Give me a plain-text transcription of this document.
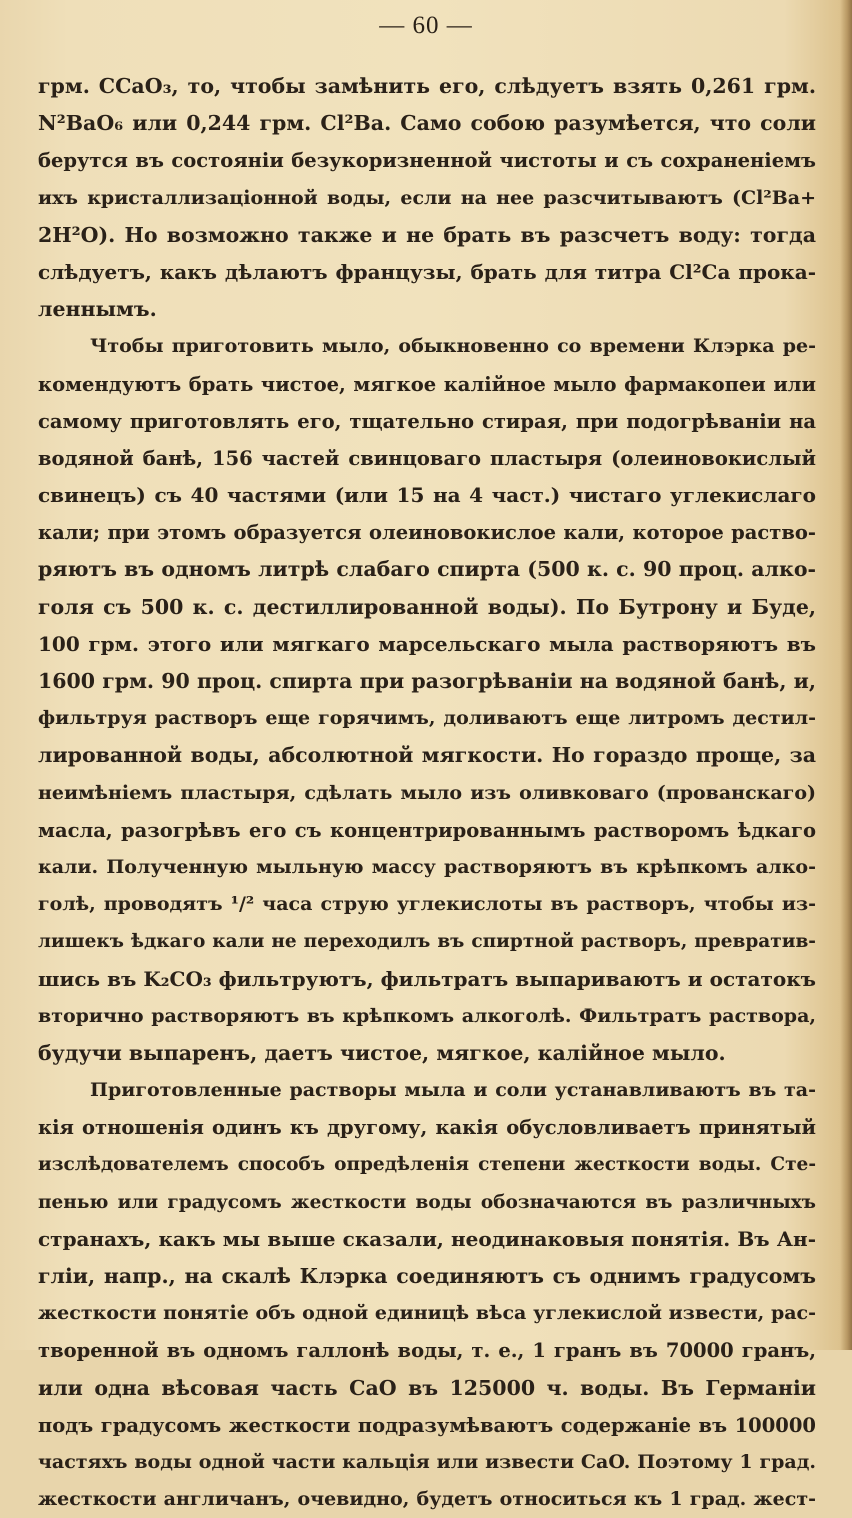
— 60 —
грм. CCaO₃, то, чтобы замѣнить его, слѣдуетъ взять 0,261 грм.
N²BaO₆ или 0,244 грм. Cl²Ba. Само собою разумѣется, что соли
берутся въ состояніи безукоризненной чистоты и съ сохраненіемъ
ихъ кристаллизаціонной воды, если на нее разсчитываютъ (Cl²Ba+
2H²O). Но возможно также и не брать въ разсчетъ воду: тогда
слѣдуетъ, какъ дѣлаютъ французы, брать для титра Cl²Ca прока-
леннымъ.
Чтобы приготовить мыло, обыкновенно со времени Клэрка ре-
комендуютъ брать чистое, мягкое калійное мыло фармакопеи или
самому приготовлять его, тщательно стирая, при подогрѣваніи на
водяной банѣ, 156 частей свинцоваго пластыря (олеиновокислый
свинецъ) съ 40 частями (или 15 на 4 част.) чистаго углекислаго
кали; при этомъ образуется олеиновокислое кали, которое раство-
ряютъ въ одномъ литрѣ слабаго спирта (500 к. с. 90 проц. алко-
голя съ 500 к. с. дестиллированной воды). По Бутрону и Буде,
100 грм. этого или мягкаго марсельскаго мыла растворяютъ въ
1600 грм. 90 проц. спирта при разогрѣваніи на водяной банѣ, и,
фильтруя растворъ еще горячимъ, доливаютъ еще литромъ дестил-
лированной воды, абсолютной мягкости. Но гораздо проще, за
неимѣніемъ пластыря, сдѣлать мыло изъ оливковаго (прованскаго)
масла, разогрѣвъ его съ концентрированнымъ растворомъ ѣдкаго
кали. Полученную мыльную массу растворяютъ въ крѣпкомъ алко-
голѣ, проводятъ ¹/² часа струю углекислоты въ растворъ, чтобы из-
лишекъ ѣдкаго кали не переходилъ въ спиртной растворъ, превратив-
шись въ K₂CO₃ фильтруютъ, фильтратъ выпариваютъ и остатокъ
вторично растворяютъ въ крѣпкомъ алкоголѣ. Фильтратъ раствора,
будучи выпаренъ, даетъ чистое, мягкое, калійное мыло.
Приготовленные растворы мыла и соли устанавливаютъ въ та-
кія отношенія одинъ къ другому, какія обусловливаетъ принятый
изслѣдователемъ способъ опредѣленія степени жесткости воды. Сте-
пенью или градусомъ жесткости воды обозначаются въ различныхъ
странахъ, какъ мы выше сказали, неодинаковыя понятія. Въ Ан-
гліи, напр., на скалѣ Клэрка соединяютъ съ однимъ градусомъ
жесткости понятіе объ одной единицѣ вѣса углекислой извести, рас-
творенной въ одномъ галлонѣ воды, т. е., 1 гранъ въ 70000 гранъ,
или одна вѣсовая часть CaO въ 125000 ч. воды. Въ Германіи
подъ градусомъ жесткости подразумѣваютъ содержаніе въ 100000
частяхъ воды одной части кальція или извести CaO. Поэтому 1 град.
жесткости англичанъ, очевидно, будетъ относиться къ 1 град. жест-
